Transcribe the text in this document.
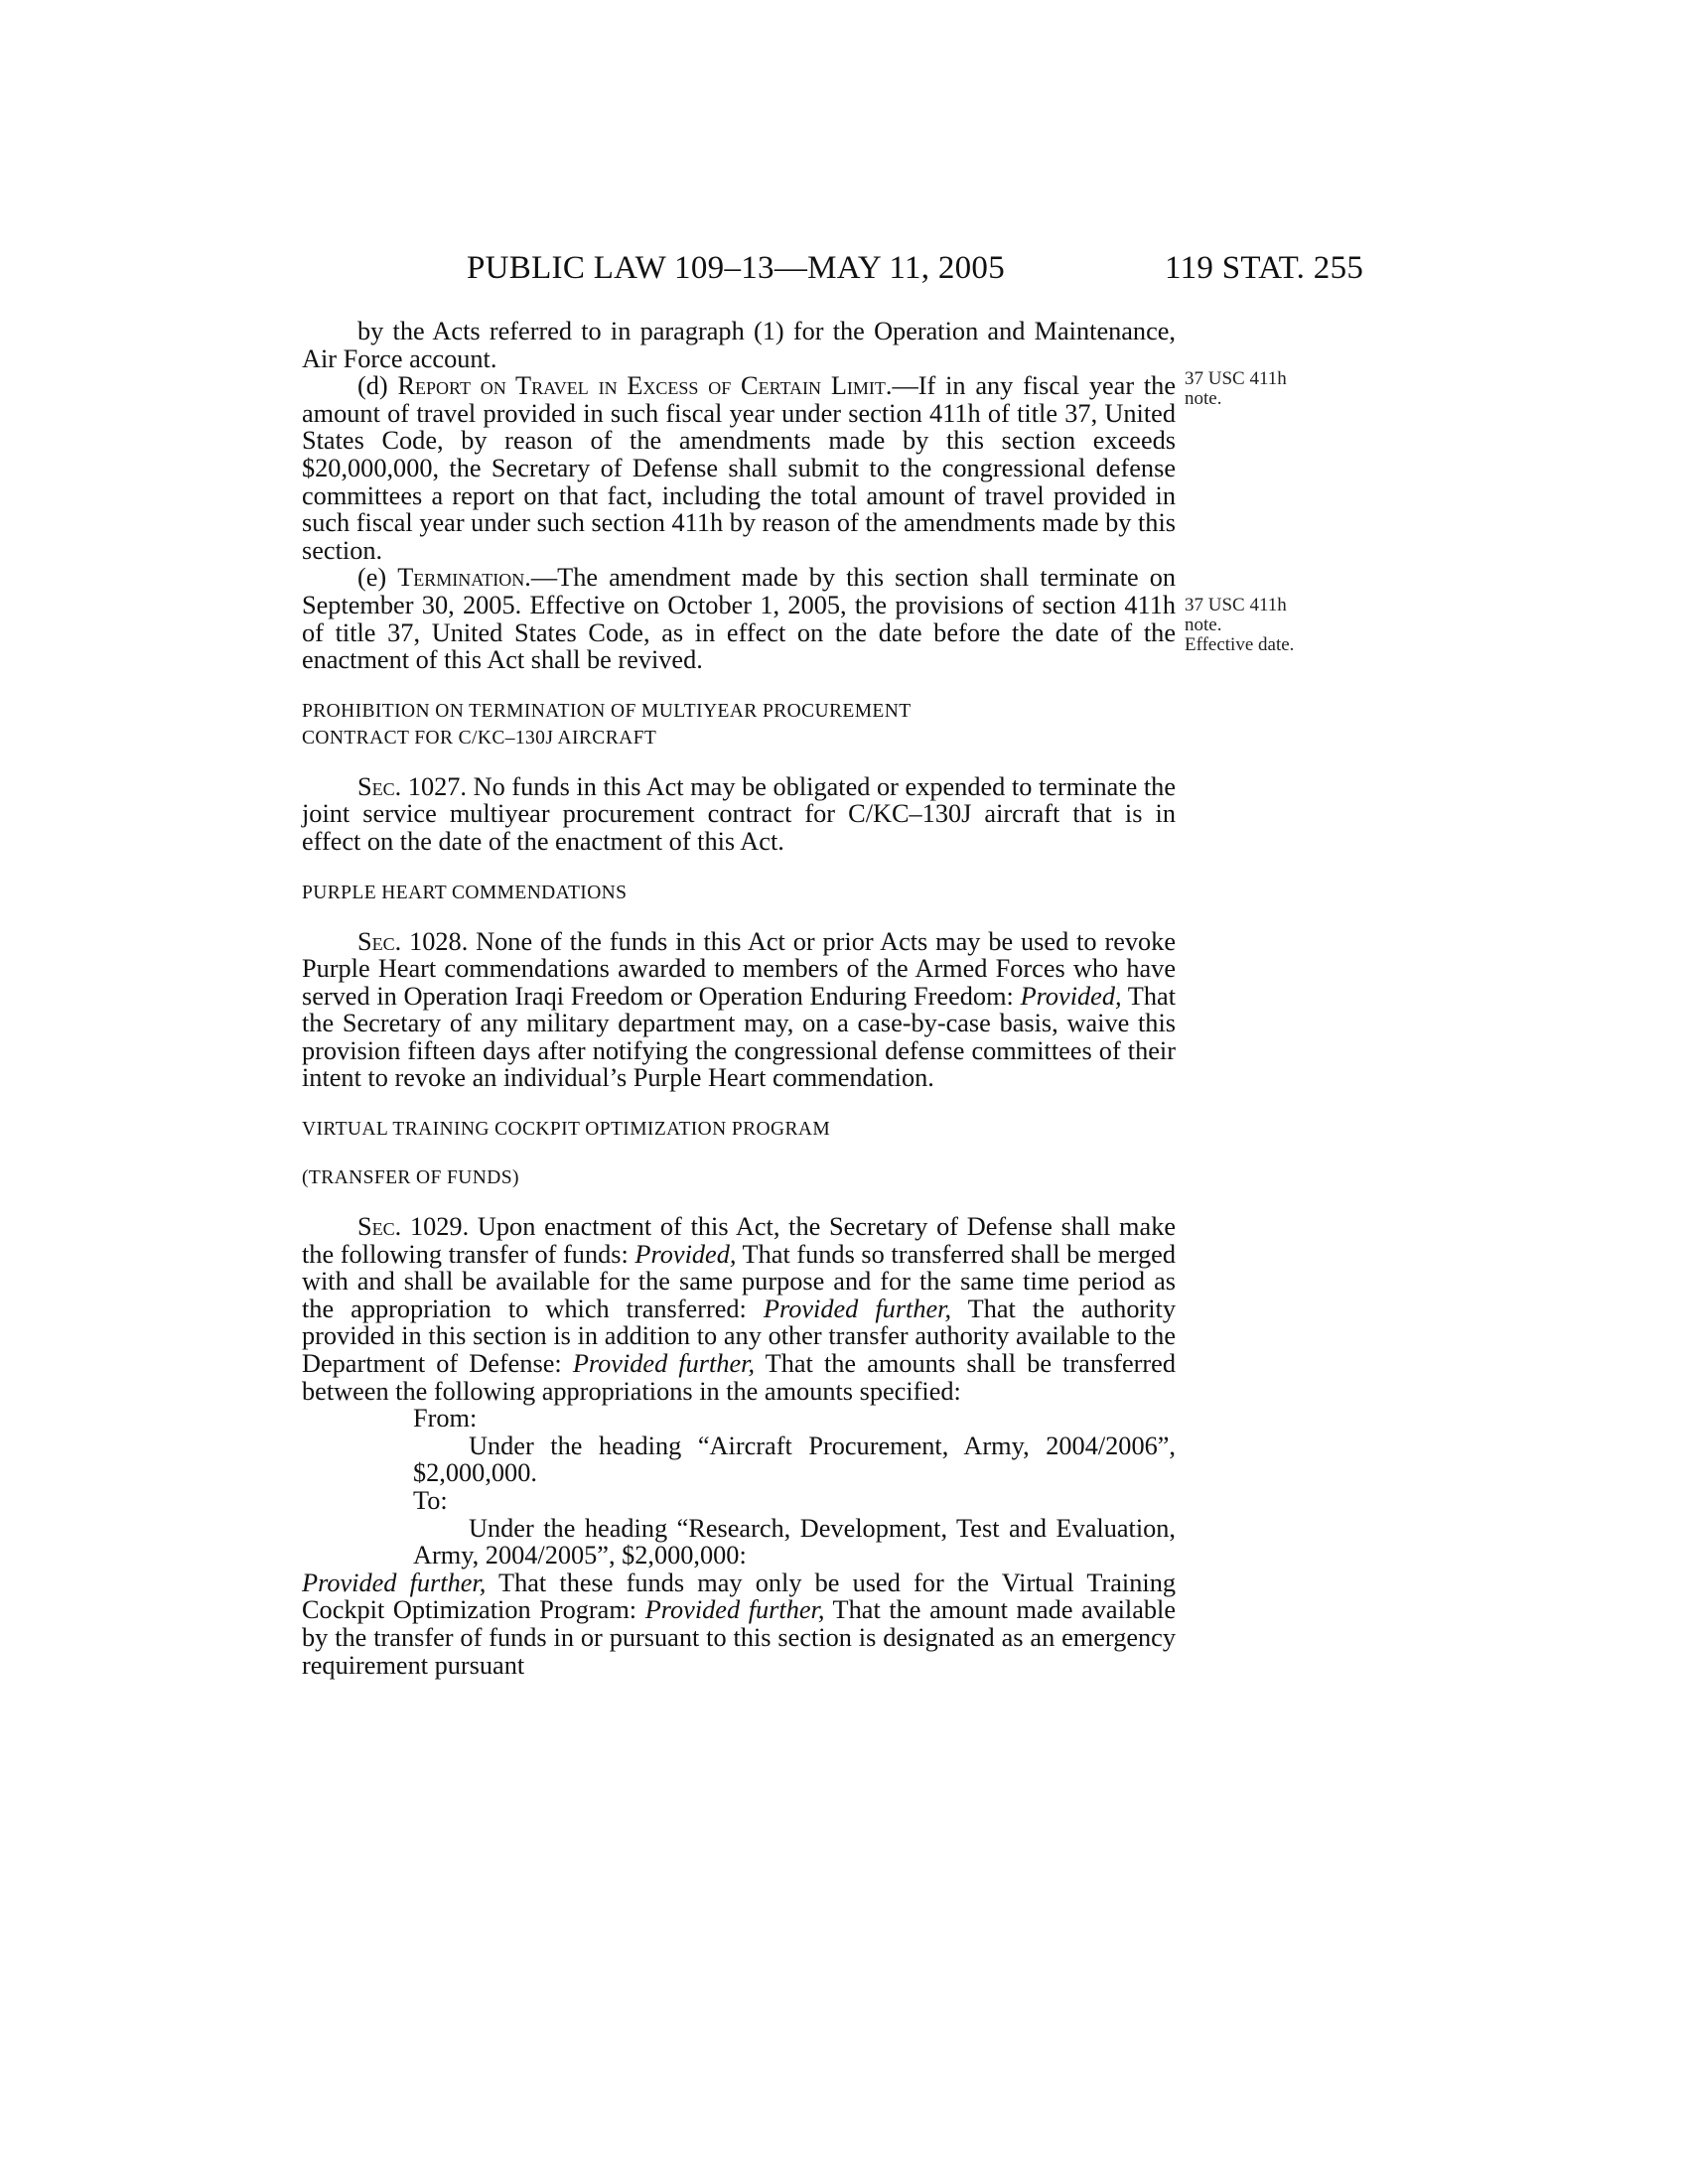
PUBLIC LAW 109–13—MAY 11, 2005	119 STAT. 255
37 USC 411h
note.
37 USC 411h
note.
Effective date.

by the Acts referred to in paragraph (1) for the Operation and Maintenance, Air Force account.

(d) Report on Travel in Excess of Certain Limit.—If in any fiscal year the amount of travel provided in such fiscal year under section 411h of title 37, United States Code, by reason of the amendments made by this section exceeds $20,000,000, the Secretary of Defense shall submit to the congressional defense committees a report on that fact, including the total amount of travel provided in such fiscal year under such section 411h by reason of the amendments made by this section.

(e) Termination.—The amendment made by this section shall terminate on September 30, 2005. Effective on October 1, 2005, the provisions of section 411h of title 37, United States Code, as in effect on the date before the date of the enactment of this Act shall be revived.

PROHIBITION ON TERMINATION OF MULTIYEAR PROCUREMENT

CONTRACT FOR C/KC–130J AIRCRAFT

Sec. 1027. No funds in this Act may be obligated or expended to terminate the joint service multiyear procurement contract for C/KC–130J aircraft that is in effect on the date of the enactment of this Act.

PURPLE HEART COMMENDATIONS

Sec. 1028. None of the funds in this Act or prior Acts may be used to revoke Purple Heart commendations awarded to members of the Armed Forces who have served in Operation Iraqi Freedom or Operation Enduring Freedom: Provided, That the Secretary of any military department may, on a case-by-case basis, waive this provision fifteen days after notifying the congressional defense committees of their intent to revoke an individual’s Purple Heart commendation.

VIRTUAL TRAINING COCKPIT OPTIMIZATION PROGRAM

(TRANSFER OF FUNDS)

Sec. 1029. Upon enactment of this Act, the Secretary of Defense shall make the following transfer of funds: Provided, That funds so transferred shall be merged with and shall be available for the same purpose and for the same time period as the appropriation to which transferred: Provided further, That the authority provided in this section is in addition to any other transfer authority available to the Department of Defense: Provided further, That the amounts shall be transferred between the following appropriations in the amounts specified:

From:

Under the heading “Aircraft Procurement, Army, 2004/2006”, $2,000,000.

To:

Under the heading “Research, Development, Test and Evaluation, Army, 2004/2005”, $2,000,000:

Provided further, That these funds may only be used for the Virtual Training Cockpit Optimization Program: Provided further, That the amount made available by the transfer of funds in or pursuant to this section is designated as an emergency requirement pursuant
